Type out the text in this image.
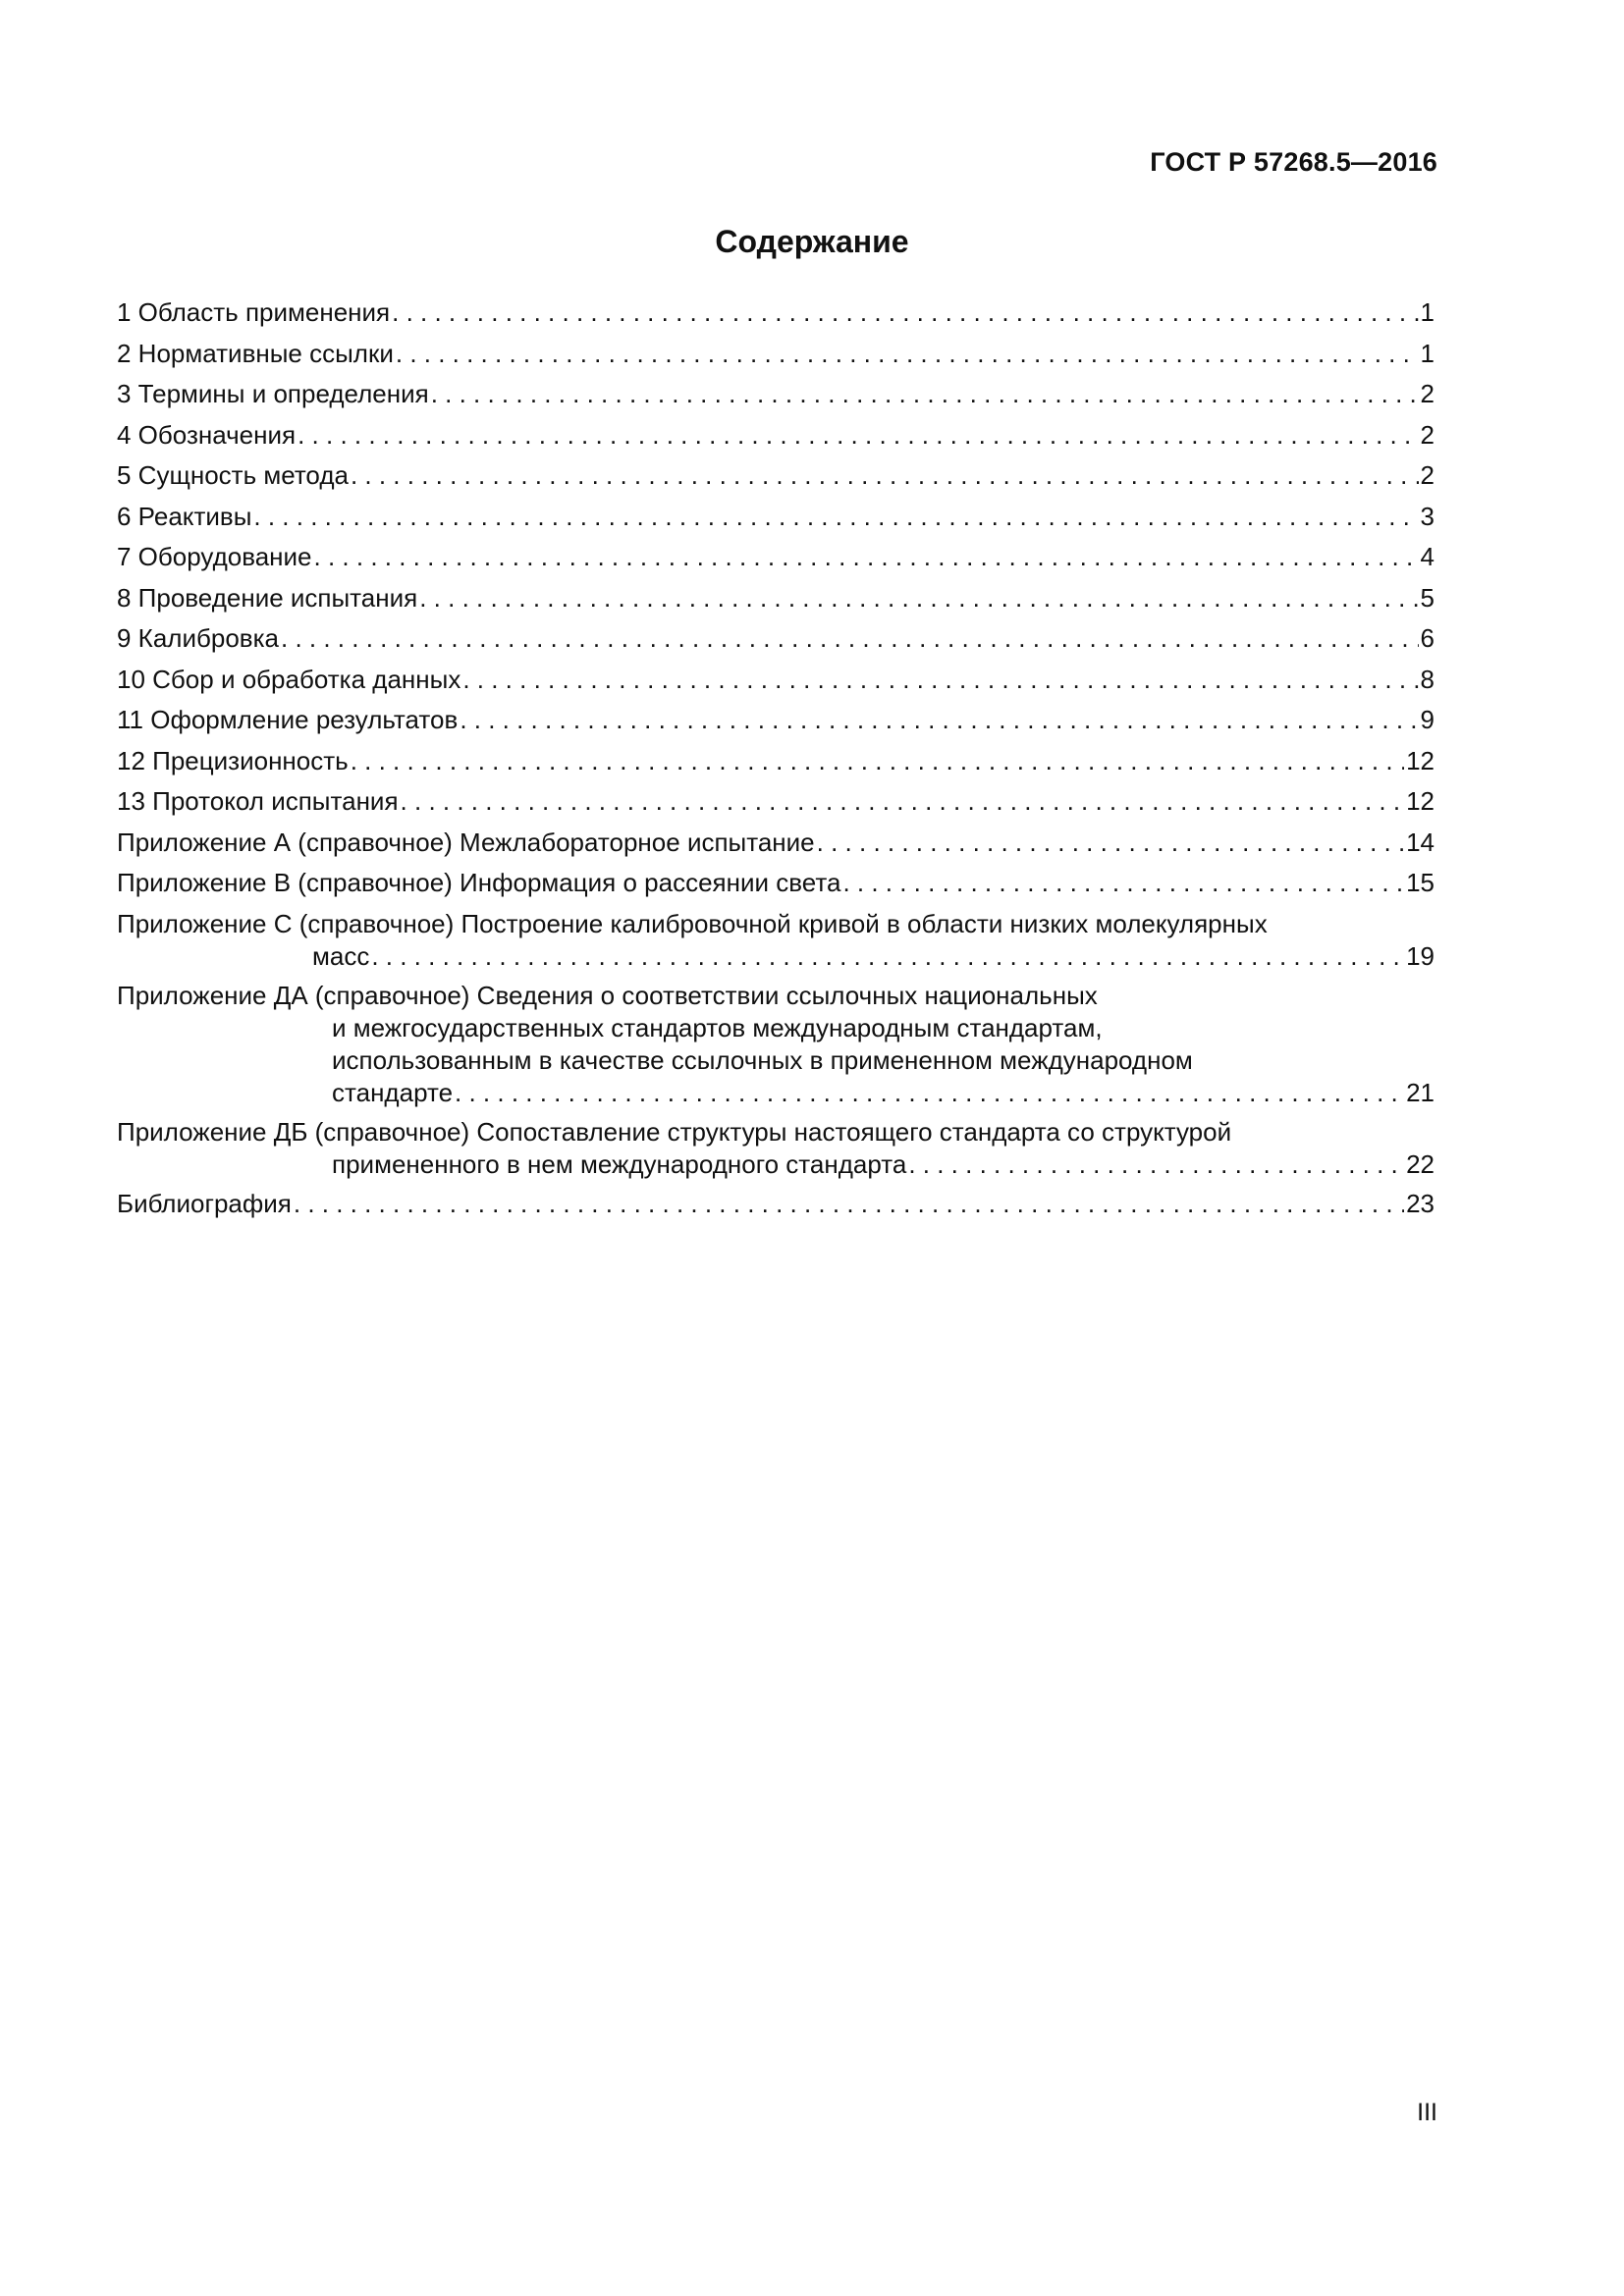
ГОСТ Р 57268.5—2016
Содержание
1 Область применения . . .	1
2 Нормативные ссылки . . .	1
3 Термины и определения . . .	2
4 Обозначения . . .	2
5 Сущность метода . . .	2
6 Реактивы . . .	3
7 Оборудование . . .	4
8 Проведение испытания . . .	5
9 Калибровка . . .	6
10 Сбор и обработка данных . . .	8
11 Оформление результатов . . .	9
12 Прецизионность . . .	12
13 Протокол испытания . . .	12
Приложение А (справочное) Межлабораторное испытание . . .	14
Приложение В (справочное) Информация о рассеянии света . . .	15
Приложение С (справочное) Построение калибровочной кривой в области низких молекулярных
масс . . .	19
Приложение ДА (справочное) Сведения о соответствии ссылочных национальных
и межгосударственных стандартов международным стандартам,
использованным в качестве ссылочных в примененном международном
стандарте . . .	21
Приложение ДБ (справочное) Сопоставление структуры настоящего стандарта со структурой
примененного в нем международного стандарта . . .	22
Библиография . . .	23
III
